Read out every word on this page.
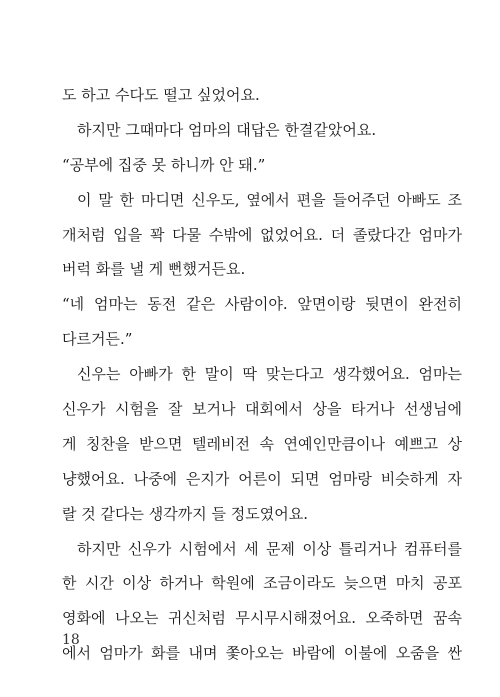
도 하고 수다도 떨고 싶었어요.
하지만 그때마다 엄마의 대답은 한결같았어요.
“공부에 집중 못 하니까 안 돼.”
이 말 한 마디면 신우도, 옆에서 편을 들어주던 아빠도 조
개처럼 입을 꽉 다물 수밖에 없었어요. 더 졸랐다간 엄마가
버럭 화를 낼 게 뻔했거든요.
“네 엄마는 동전 같은 사람이야. 앞면이랑 뒷면이 완전히
다르거든.”
신우는 아빠가 한 말이 딱 맞는다고 생각했어요. 엄마는
신우가 시험을 잘 보거나 대회에서 상을 타거나 선생님에
게 칭찬을 받으면 텔레비전 속 연예인만큼이나 예쁘고 상
냥했어요. 나중에 은지가 어른이 되면 엄마랑 비슷하게 자
랄 것 같다는 생각까지 들 정도였어요.
하지만 신우가 시험에서 세 문제 이상 틀리거나 컴퓨터를
한 시간 이상 하거나 학원에 조금이라도 늦으면 마치 공포
영화에 나오는 귀신처럼 무시무시해졌어요. 오죽하면 꿈속
에서 엄마가 화를 내며 쫓아오는 바람에 이불에 오줌을 싼
18
